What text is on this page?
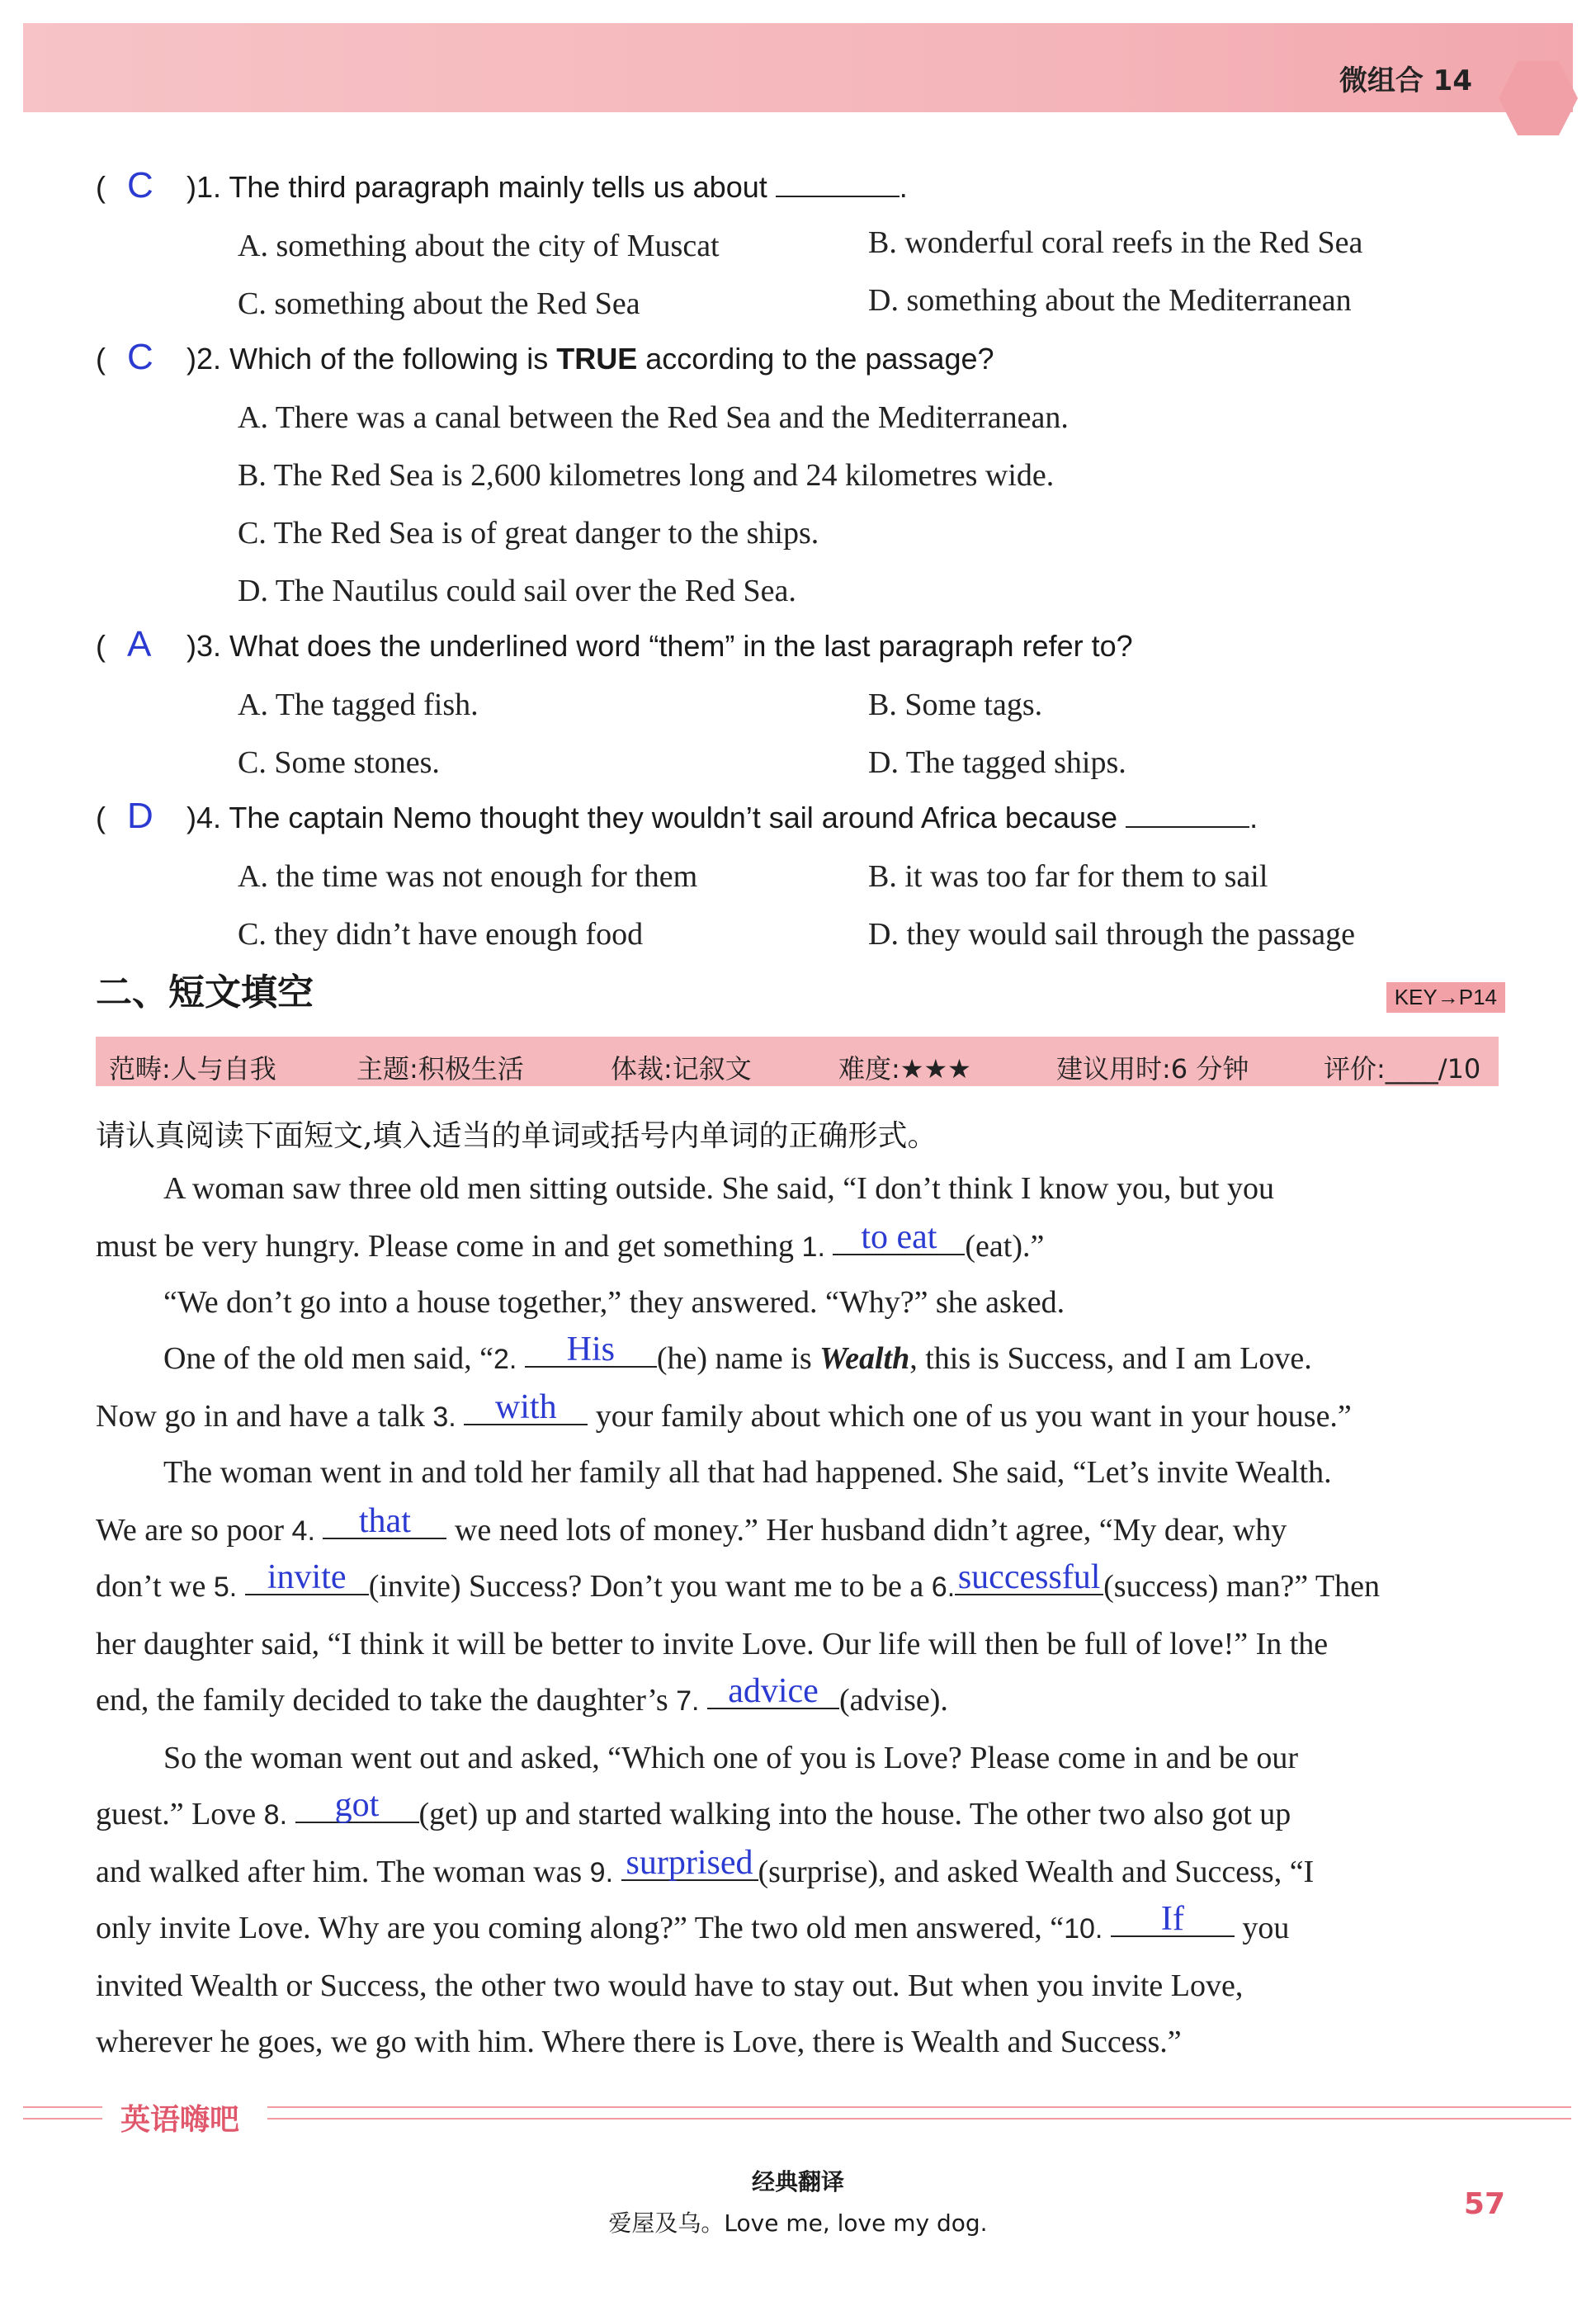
微组合 14
( C )1. The third paragraph mainly tells us about	.
A. something about the city of Muscat	B. wonderful coral reefs in the Red Sea
C. something about the Red Sea	D. something about the Mediterranean
( C )2. Which of the following is TRUE according to the passage?
A. There was a canal between the Red Sea and the Mediterranean.
B. The Red Sea is 2,600 kilometres long and 24 kilometres wide.
C. The Red Sea is of great danger to the ships.
D. The Nautilus could sail over the Red Sea.
( A )3. What does the underlined word “them” in the last paragraph refer to?
A. The tagged fish.	B. Some tags.
C. Some stones.	D. The tagged ships.
( D )4. The captain Nemo thought they wouldn’t sail around Africa because	.
A. the time was not enough for them	B. it was too far for them to sail
C. they didn’t have enough food	D. they would sail through the passage
二、短文填空	KEY→P14
范畴:人与自我	主题:积极生活	体裁:记叙文	难度:★★★	建议用时:6 分钟	评价:____/10
请认真阅读下面短文,填入适当的单词或括号内单词的正确形式。
A woman saw three old men sitting outside. She said, “I don’t think I know you, but you
must be very hungry. Please come in and get something 1. to eat (eat).”
“We don’t go into a house together,” they answered. “Why?” she asked.
One of the old men said, “2. His (he) name is Wealth, this is Success, and I am Love.
Now go in and have a talk 3. with your family about which one of us you want in your house.”
The woman went in and told her family all that had happened. She said, “Let’s invite Wealth.
We are so poor 4. that we need lots of money.” Her husband didn’t agree, “My dear, why
don’t we 5. invite (invite) Success? Don’t you want me to be a 6.successful(success) man?” Then
her daughter said, “I think it will be better to invite Love. Our life will then be full of love!” In the
end, the family decided to take the daughter’s 7. advice (advise).
So the woman went out and asked, “Which one of you is Love? Please come in and be our
guest.” Love 8. got (get) up and started walking into the house. The other two also got up
and walked after him. The woman was 9. surprised (surprise), and asked Wealth and Success, “I
only invite Love. Why are you coming along?” The two old men answered, “10. If you
invited Wealth or Success, the other two would have to stay out. But when you invite Love,
wherever he goes, we go with him. Where there is Love, there is Wealth and Success.”
英语嗨吧
经典翻译
爱屋及乌。Love me, love my dog.
57
